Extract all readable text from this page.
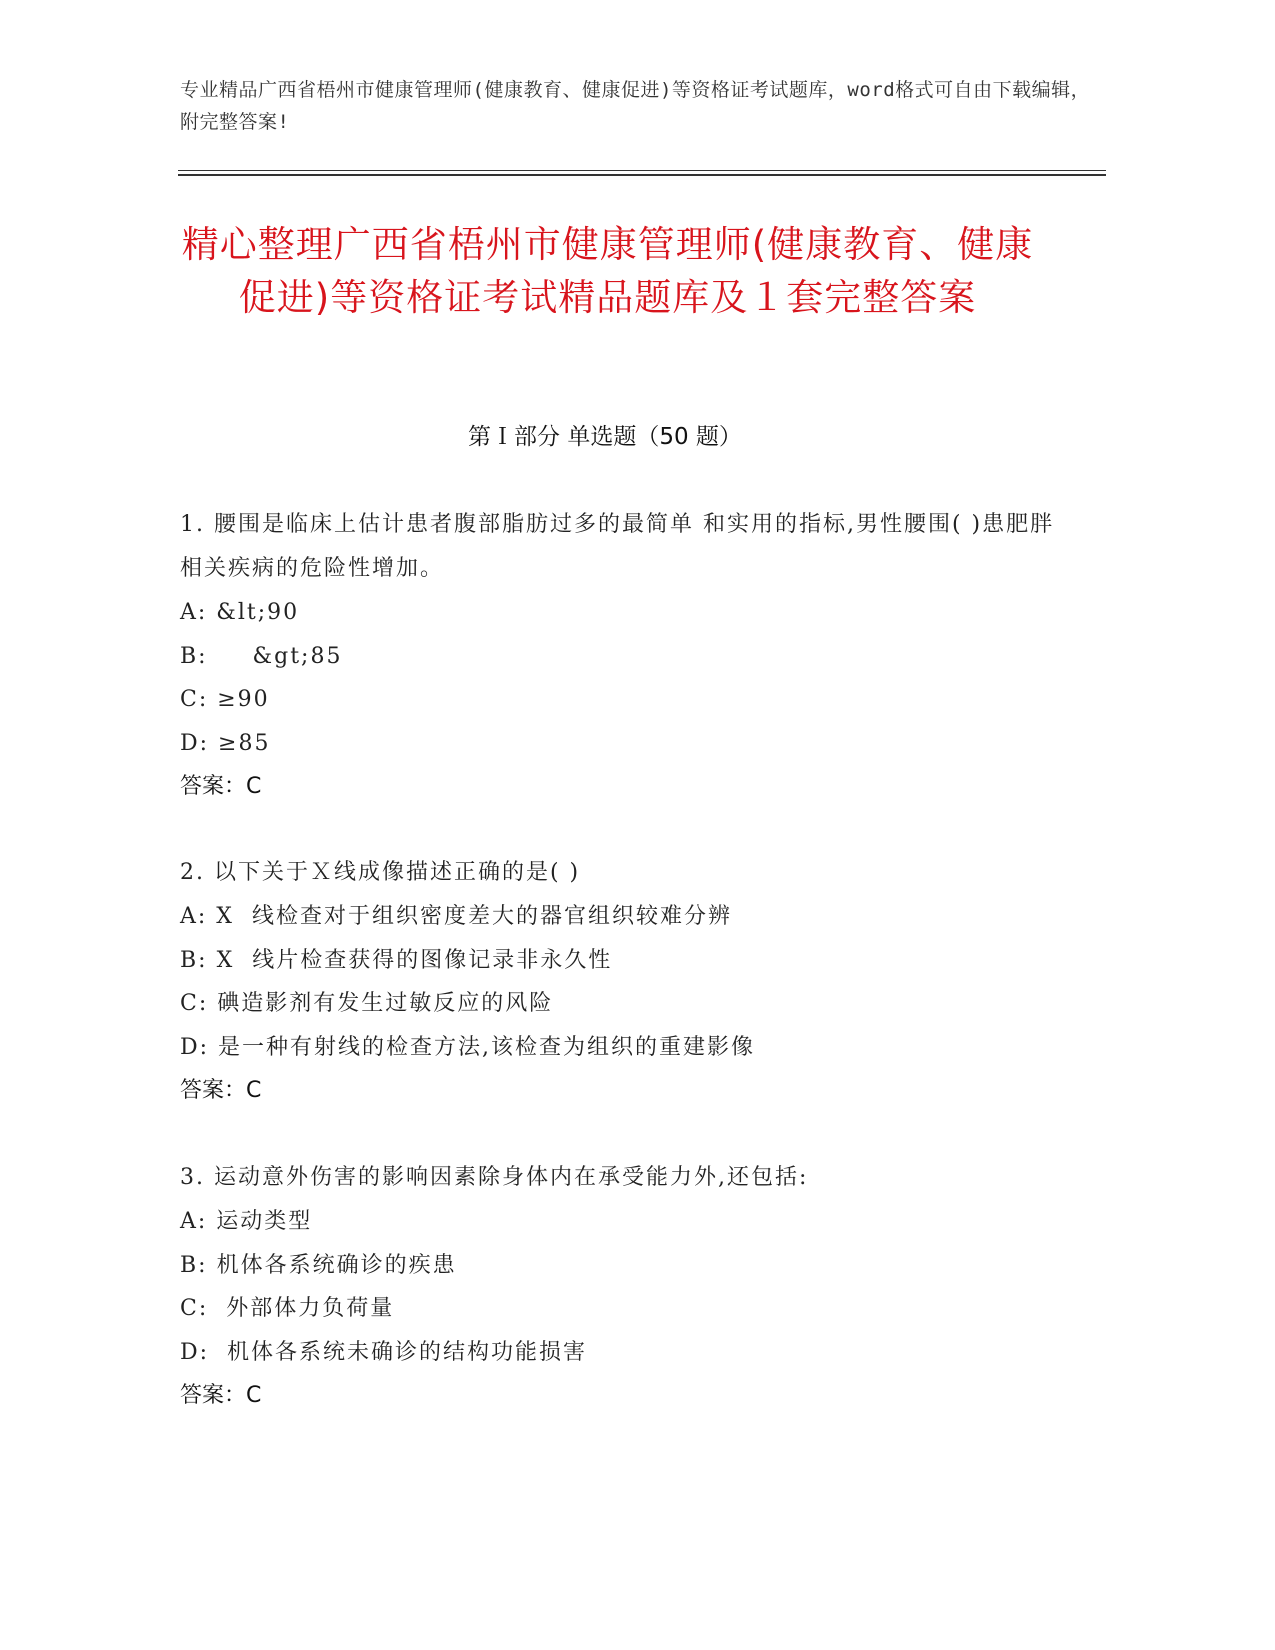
专业精品广西省梧州市健康管理师(健康教育、健康促进)等资格证考试题库，word格式可自由下载编辑，附完整答案!
精心整理广西省梧州市健康管理师(健康教育、健康促进)等资格证考试精品题库及１套完整答案
第Ｉ部分 单选题（50 题）
1. 腰围是临床上估计患者腹部脂肪过多的最简单 和实用的指标,男性腰围( )患肥胖相关疾病的危险性增加。
A: &lt;90
B:     &gt;85
C: ≥90
D: ≥85
答案：C
2. 以下关于Ｘ线成像描述正确的是( )
A: X  线检查对于组织密度差大的器官组织较难分辨
B: X  线片检查获得的图像记录非永久性
C: 碘造影剂有发生过敏反应的风险
D: 是一种有射线的检查方法,该检查为组织的重建影像
答案：C
3. 运动意外伤害的影响因素除身体内在承受能力外,还包括:
A: 运动类型
B: 机体各系统确诊的疾患
C:  外部体力负荷量
D:  机体各系统未确诊的结构功能损害
答案：C
